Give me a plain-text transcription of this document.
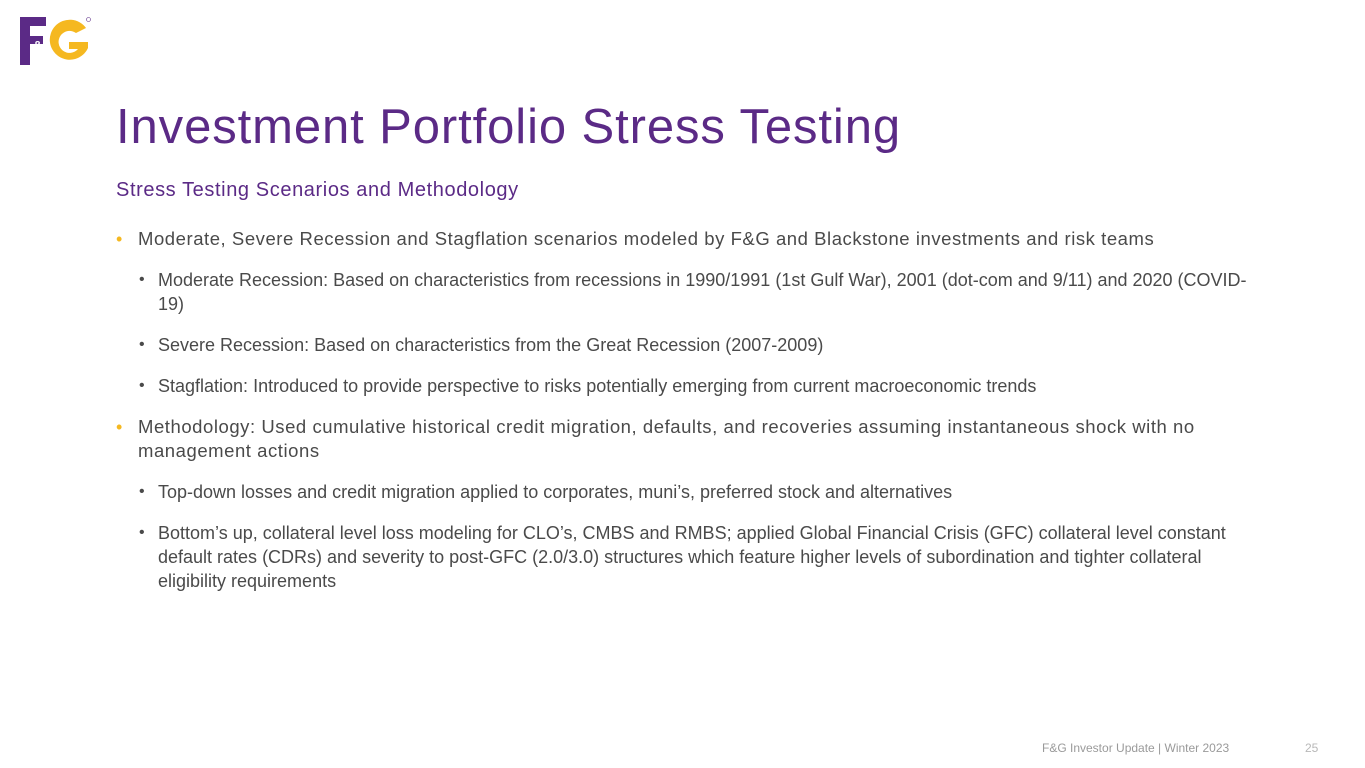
&
Investment Portfolio Stress Testing
Stress Testing Scenarios and Methodology
• Moderate, Severe Recession and Stagflation scenarios modeled by F&G and Blackstone investments and risk teams
• Moderate Recession: Based on characteristics from recessions in 1990/1991 (1st Gulf War), 2001 (dot-com and 9/11) and 2020 (COVID-19)
• Severe Recession: Based on characteristics from the Great Recession (2007-2009)
• Stagflation: Introduced to provide perspective to risks potentially emerging from current macroeconomic trends
• Methodology: Used cumulative historical credit migration, defaults, and recoveries assuming instantaneous shock with no management actions
• Top-down losses and credit migration applied to corporates, muni’s, preferred stock and alternatives
• Bottom’s up, collateral level loss modeling for CLO’s, CMBS and RMBS; applied Global Financial Crisis (GFC) collateral level constant default rates (CDRs) and severity to post-GFC (2.0/3.0) structures which feature higher levels of subordination and tighter collateral eligibility requirements
F&G Investor Update | Winter 2023	25
